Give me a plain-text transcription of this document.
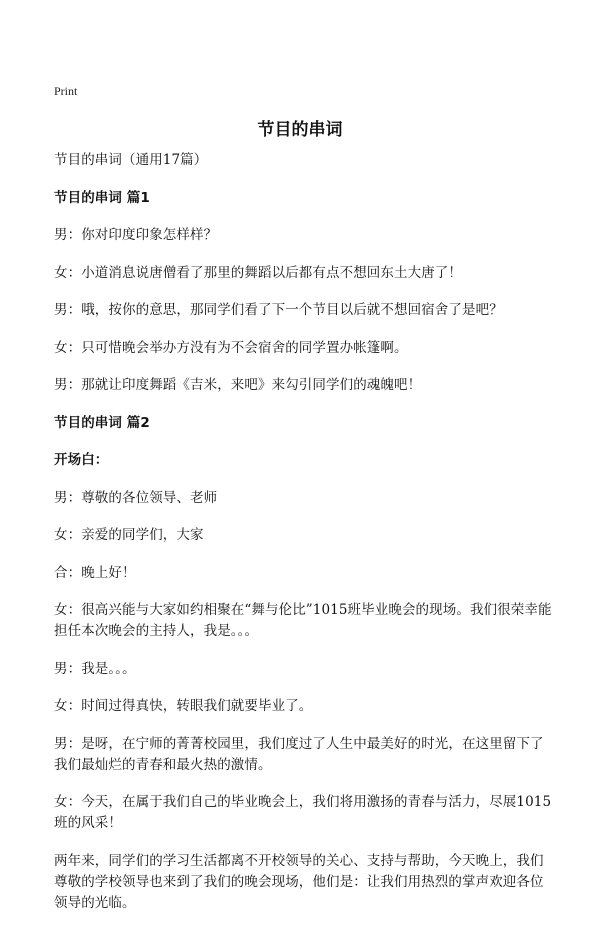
Print
节目的串词

节目的串词（通用17篇）

节目的串词 篇1

男：你对印度印象怎样样？

女：小道消息说唐僧看了那里的舞蹈以后都有点不想回东土大唐了！

男：哦，按你的意思，那同学们看了下一个节目以后就不想回宿舍了是吧？

女：只可惜晚会举办方没有为不会宿舍的同学置办帐篷啊。

男：那就让印度舞蹈《吉米，来吧》来勾引同学们的魂魄吧！

节目的串词 篇2

开场白：

男：尊敬的各位领导、老师

女：亲爱的同学们，大家

合：晚上好！

女：很高兴能与大家如约相聚在“舞与伦比”1015班毕业晚会的现场。我们很荣幸能担任本次晚会的主持人，我是。。。

男：我是。。。

女：时间过得真快，转眼我们就要毕业了。

男：是呀，在宁师的菁菁校园里，我们度过了人生中最美好的时光，在这里留下了我们最灿烂的青春和最火热的激情。

女：今天，在属于我们自己的毕业晚会上，我们将用激扬的青春与活力，尽展1015班的风采！

两年来，同学们的学习生活都离不开校领导的关心、支持与帮助，今天晚上，我们尊敬的学校领导也来到了我们的晚会现场，他们是：让我们用热烈的掌声欢迎各位领导的光临。
